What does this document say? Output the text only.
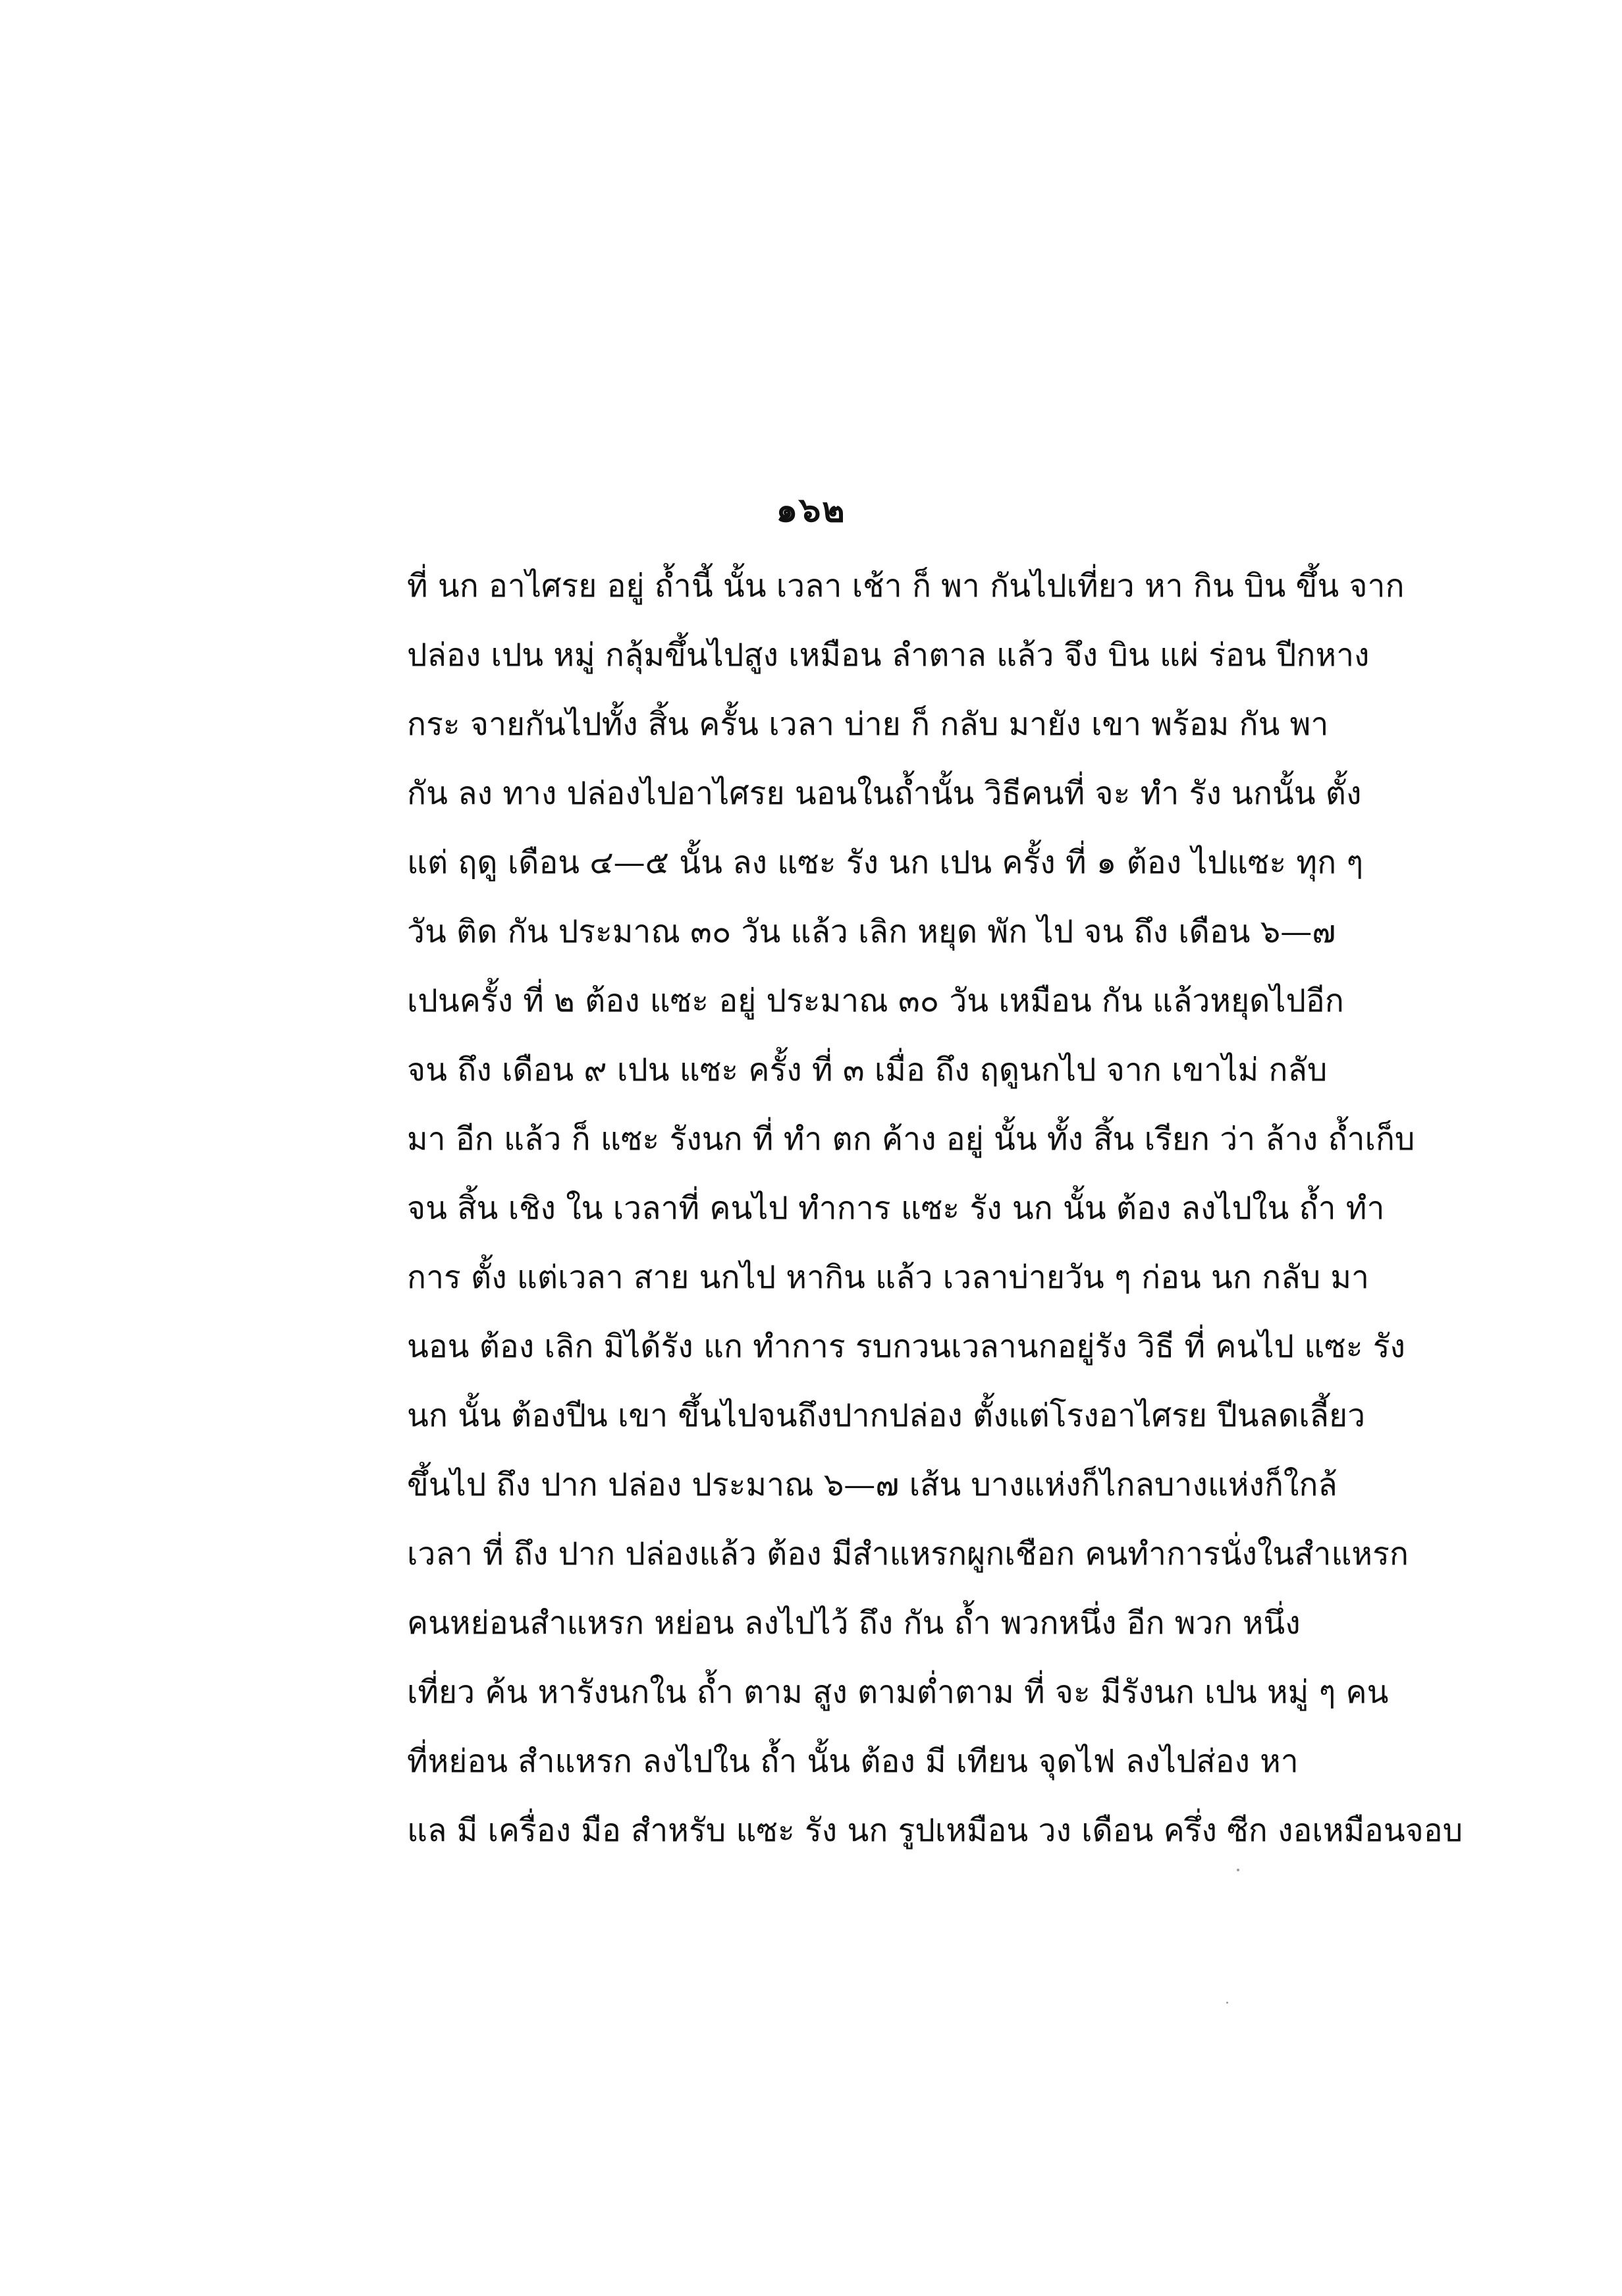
๑๖๒
ที่ นก อาไศรย อยู่ ถ้ำนี้ นั้น เวลา เช้า ก็ พา กันไปเที่ยว หา กิน บิน ขึ้น จาก
ปล่อง เปน หมู่ กลุ้มขึ้นไปสูง เหมือน ลำตาล แล้ว จึง บิน แผ่ ร่อน ปีกหาง
กระ จายกันไปทั้ง สิ้น ครั้น เวลา บ่าย ก็ กลับ มายัง เขา พร้อม กัน พา
กัน ลง ทาง ปล่องไปอาไศรย นอนในถ้ำนั้น วิธีคนที่ จะ ทำ รัง นกนั้น ตั้ง
แต่ ฤดู เดือน ๔—๕ นั้น ลง แซะ รัง นก เปน ครั้ง ที่ ๑ ต้อง ไปแซะ ทุก ๆ
วัน ติด กัน ประมาณ ๓๐ วัน แล้ว เลิก หยุด พัก ไป จน ถึง เดือน ๖—๗
เปนครั้ง ที่ ๒ ต้อง แซะ อยู่ ประมาณ ๓๐ วัน เหมือน กัน แล้วหยุดไปอีก
จน ถึง เดือน ๙ เปน แซะ ครั้ง ที่ ๓ เมื่อ ถึง ฤดูนกไป จาก เขาไม่ กลับ
มา อีก แล้ว ก็ แซะ รังนก ที่ ทำ ตก ค้าง อยู่ นั้น ทั้ง สิ้น เรียก ว่า ล้าง ถ้ำเก็บ
จน สิ้น เชิง ใน เวลาที่ คนไป ทำการ แซะ รัง นก นั้น ต้อง ลงไปใน ถ้ำ ทำ
การ ตั้ง แต่เวลา สาย นกไป หากิน แล้ว เวลาบ่ายวัน ๆ ก่อน นก กลับ มา
นอน ต้อง เลิก มิได้รัง แก ทำการ รบกวนเวลานกอยู่รัง วิธี ที่ คนไป แซะ รัง
นก นั้น ต้องปีน เขา ขึ้นไปจนถึงปากปล่อง ตั้งแต่โรงอาไศรย ปีนลดเลี้ยว
ขึ้นไป ถึง ปาก ปล่อง ประมาณ ๖—๗ เส้น บางแห่งก็ไกลบางแห่งก็ใกล้
เวลา ที่ ถึง ปาก ปล่องแล้ว ต้อง มีสำแหรกผูกเชือก คนทำการนั่งในสำแหรก
คนหย่อนสำแหรก หย่อน ลงไปไว้ ถึง กัน ถ้ำ พวกหนึ่ง อีก พวก หนึ่ง
เที่ยว ค้น หารังนกใน ถ้ำ ตาม สูง ตามต่ำตาม ที่ จะ มีรังนก เปน หมู่ ๆ คน
ที่หย่อน สำแหรก ลงไปใน ถ้ำ นั้น ต้อง มี เทียน จุดไฟ ลงไปส่อง หา
แล มี เครื่อง มือ สำหรับ แซะ รัง นก รูปเหมือน วง เดือน ครึ่ง ซีก งอเหมือนจอบ
